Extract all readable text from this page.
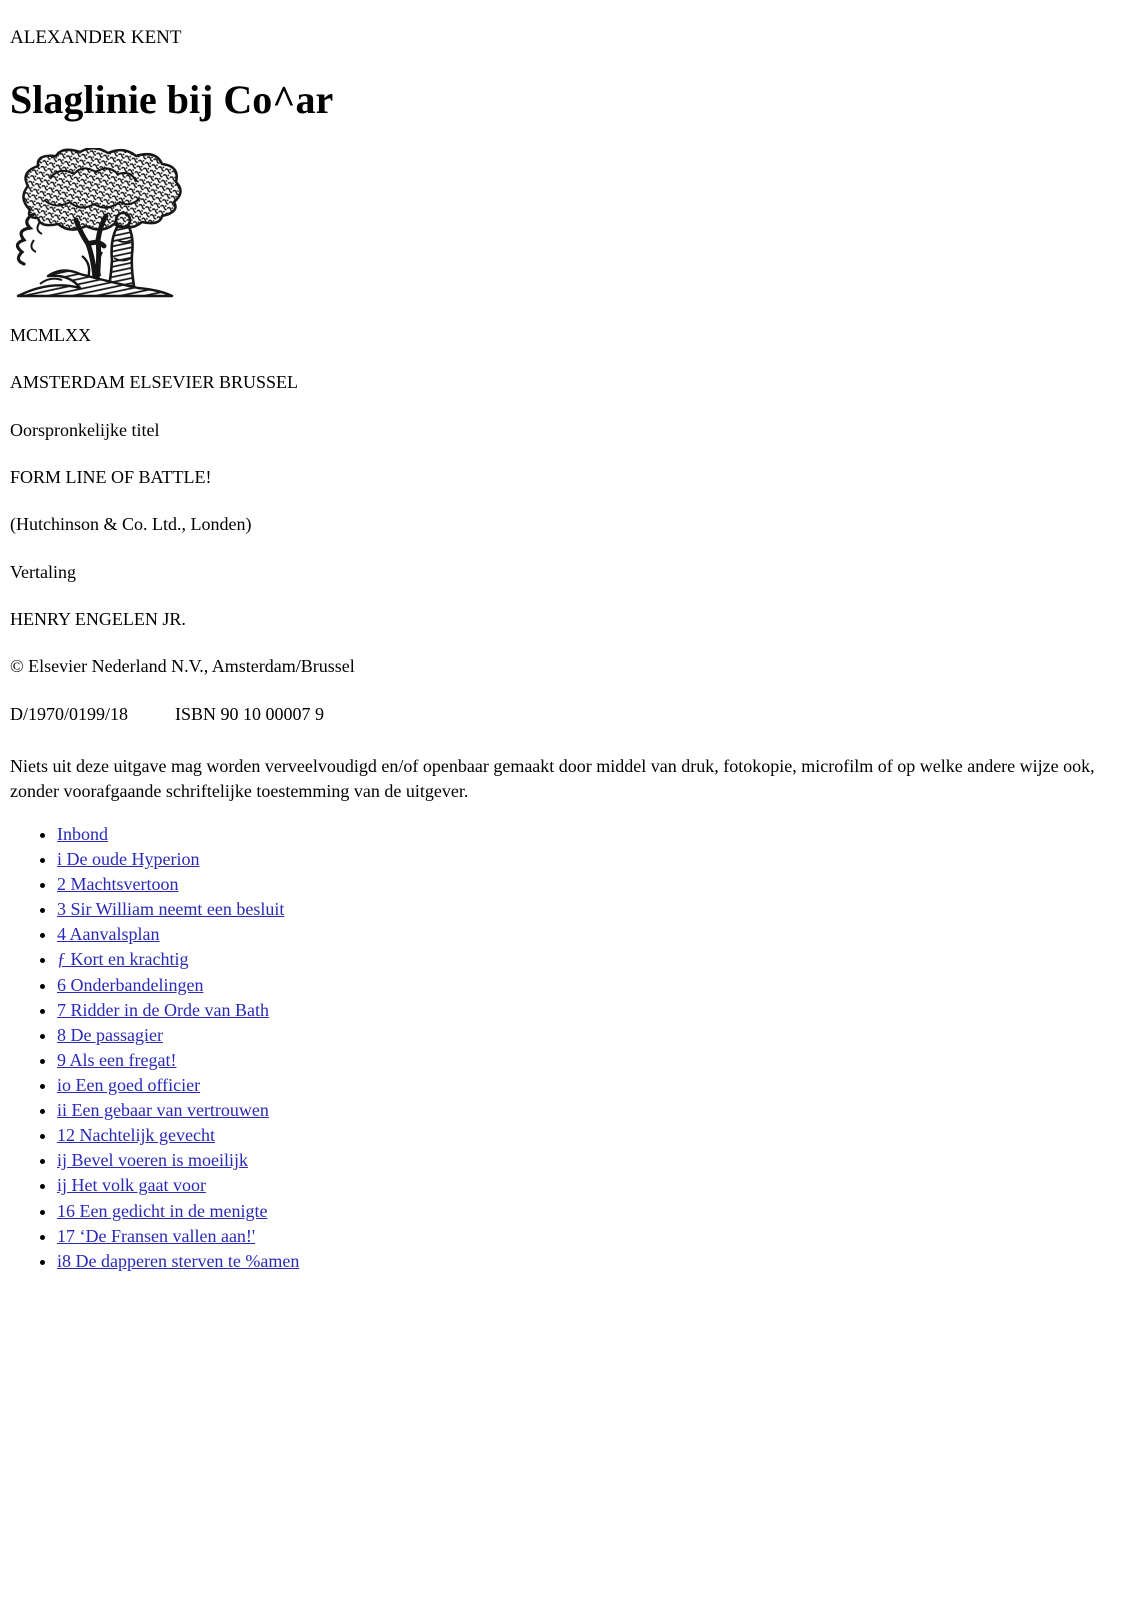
ALEXANDER KENT

Slaglinie bij Co^ar

MCMLXX

AMSTERDAM ELSEVIER BRUSSEL

Oorspronkelijke titel

FORM LINE OF BATTLE!

(Hutchinson & Co. Ltd., Londen)

Vertaling

HENRY ENGELEN JR.

© Elsevier Nederland N.V., Amsterdam/Brussel

D/1970/0199/18	ISBN 90 10 00007 9

Niets uit deze uitgave mag worden verveelvoudigd en/of openbaar gemaakt door middel van druk, fotokopie, microfilm of op welke andere wijze ook, zonder voorafgaande schriftelijke toestemming van de uitgever.

• Inbond
• i De oude Hyperion
• 2 Machtsvertoon
• 3 Sir William neemt een besluit
• 4 Aanvalsplan
• ƒ Kort en krachtig
• 6 Onderbandelingen
• 7 Ridder in de Orde van Bath
• 8 De passagier
• 9 Als een fregat!
• io Een goed officier
• ii Een gebaar van vertrouwen
• 12 Nachtelijk gevecht
• ij Bevel voeren is moeilijk
• ij Het volk gaat voor
• 16 Een gedicht in de menigte
• 17 ‘De Fransen vallen aan!'
• i8 De dapperen sterven te %amen
